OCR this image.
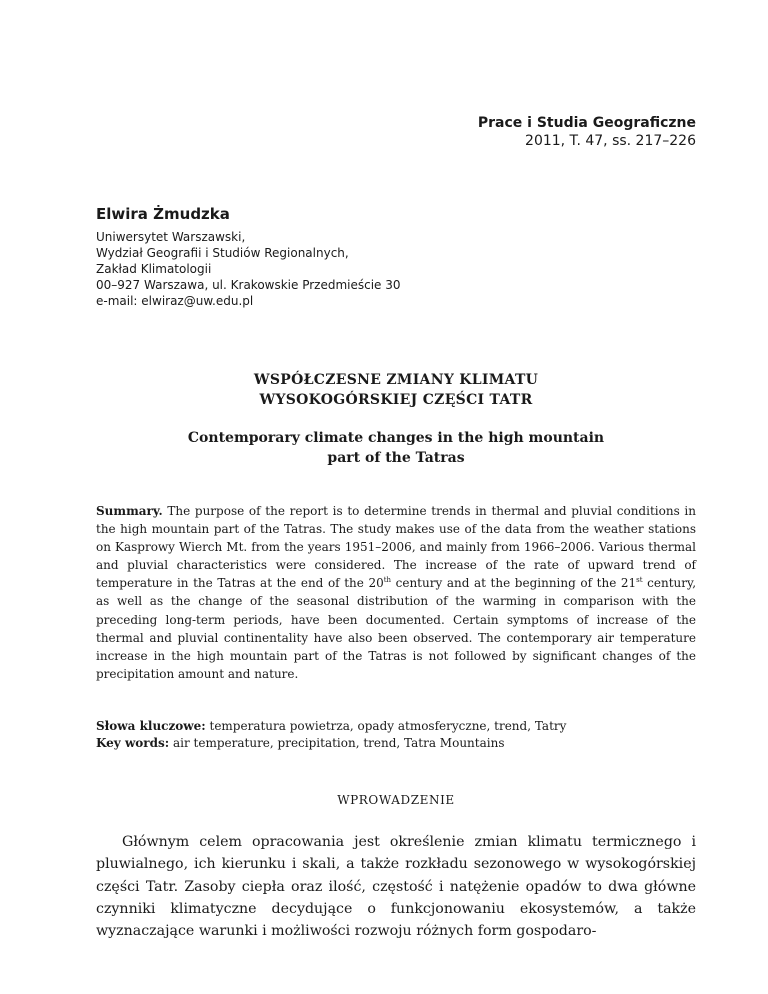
Prace i Studia Geograficzne
2011, T. 47, ss. 217–226
Elwira Żmudzka
Uniwersytet Warszawski,
Wydział Geografii i Studiów Regionalnych,
Zakład Klimatologii
00–927 Warszawa, ul. Krakowskie Przedmieście 30
e-mail: elwiraz@uw.edu.pl
WSPÓŁCZESNE ZMIANY KLIMATU
WYSOKOGÓRSKIEJ CZĘŚCI TATR
Contemporary climate changes in the high mountain
part of the Tatras
Summary. The purpose of the report is to determine trends in thermal and pluvial conditions in the high mountain part of the Tatras. The study makes use of the data from the weather stations on Kasprowy Wierch Mt. from the years 1951–2006, and mainly from 1966–2006. Various thermal and pluvial characteristics were considered. The increase of the rate of upward trend of temperature in the Tatras at the end of the 20th century and at the beginning of the 21st century, as well as the change of the seasonal distribution of the warming in comparison with the preceding long-term periods, have been documented. Certain symptoms of increase of the thermal and pluvial continentality have also been observed. The contemporary air temperature increase in the high mountain part of the Tatras is not followed by significant changes of the precipitation amount and nature.
Słowa kluczowe: temperatura powietrza, opady atmosferyczne, trend, Tatry
Key words: air temperature, precipitation, trend, Tatra Mountains
WPROWADZENIE

Głównym celem opracowania jest określenie zmian klimatu termicznego i pluwialnego, ich kierunku i skali, a także rozkładu sezonowego w wysokogórskiej części Tatr. Zasoby ciepła oraz ilość, częstość i natężenie opadów to dwa główne czynniki klimatyczne decydujące o funkcjonowaniu ekosystemów, a także wyznaczające warunki i możliwości rozwoju różnych form gospodaro-
